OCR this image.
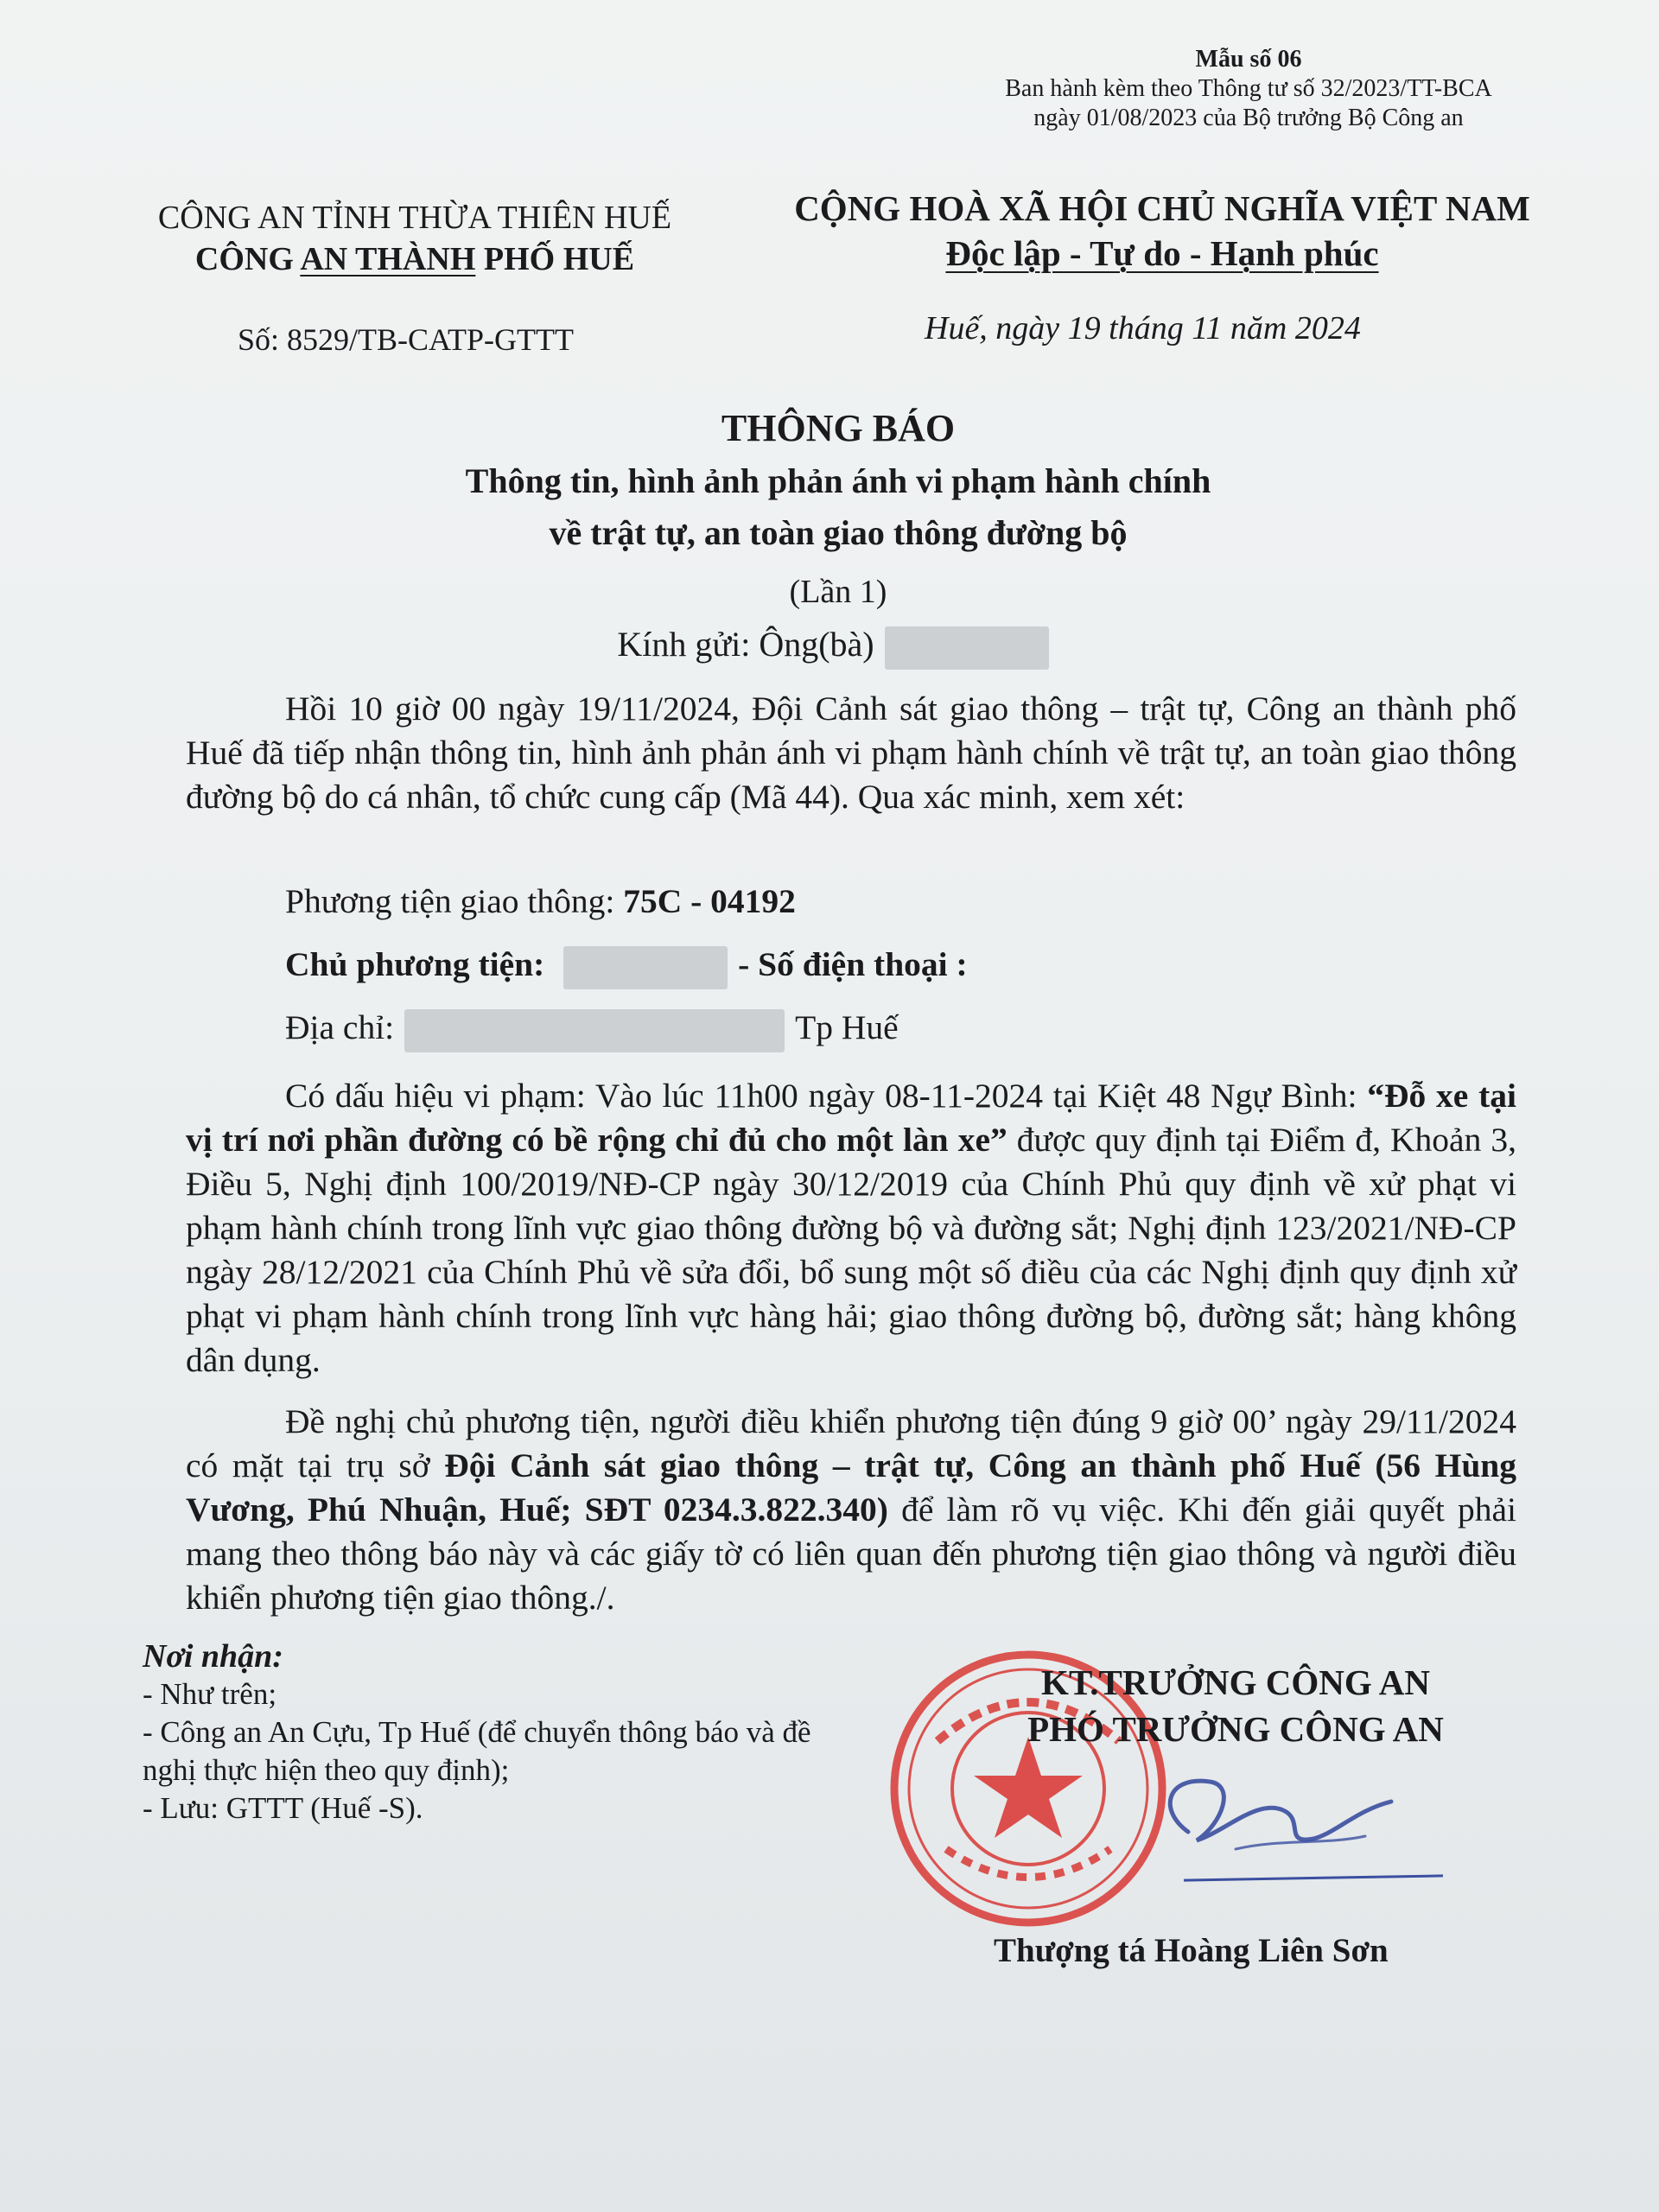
Mẫu số 06
Ban hành kèm theo Thông tư số 32/2023/TT-BCA
ngày 01/08/2023 của Bộ trưởng Bộ Công an
CÔNG AN TỈNH THỪA THIÊN HUẾ
CÔNG AN THÀNH PHỐ HUẾ
CỘNG HOÀ XÃ HỘI CHỦ NGHĨA VIỆT NAM
Độc lập - Tự do - Hạnh phúc
Số: 8529/TB-CATP-GTTT	Huế, ngày 19 tháng 11 năm 2024
THÔNG BÁO
Thông tin, hình ảnh phản ánh vi phạm hành chính
về trật tự, an toàn giao thông đường bộ
(Lần 1)
Kính gửi: Ông(bà)
Hồi 10 giờ 00 ngày 19/11/2024, Đội Cảnh sát giao thông – trật tự, Công an thành phố Huế đã tiếp nhận thông tin, hình ảnh phản ánh vi phạm hành chính về trật tự, an toàn giao thông đường bộ do cá nhân, tổ chức cung cấp (Mã 44). Qua xác minh, xem xét:
Phương tiện giao thông: 75C - 04192
Chủ phương tiện:	- Số điện thoại :
Địa chỉ:	Tp Huế
Có dấu hiệu vi phạm: Vào lúc 11h00 ngày 08-11-2024 tại Kiệt 48 Ngự Bình: “Đỗ xe tại vị trí nơi phần đường có bề rộng chỉ đủ cho một làn xe” được quy định tại Điểm đ, Khoản 3, Điều 5, Nghị định 100/2019/NĐ-CP ngày 30/12/2019 của Chính Phủ quy định về xử phạt vi phạm hành chính trong lĩnh vực giao thông đường bộ và đường sắt; Nghị định 123/2021/NĐ-CP ngày 28/12/2021 của Chính Phủ về sửa đổi, bổ sung một số điều của các Nghị định quy định xử phạt vi phạm hành chính trong lĩnh vực hàng hải; giao thông đường bộ, đường sắt; hàng không dân dụng.
Đề nghị chủ phương tiện, người điều khiển phương tiện đúng 9 giờ 00’ ngày 29/11/2024 có mặt tại trụ sở Đội Cảnh sát giao thông – trật tự, Công an thành phố Huế (56 Hùng Vương, Phú Nhuận, Huế; SĐT 0234.3.822.340) để làm rõ vụ việc. Khi đến giải quyết phải mang theo thông báo này và các giấy tờ có liên quan đến phương tiện giao thông và người điều khiển phương tiện giao thông./.
Nơi nhận:
- Như trên;
- Công an An Cựu, Tp Huế (để chuyển thông báo và đề nghị thực hiện theo quy định);
- Lưu: GTTT (Huế -S).
KT.TRƯỞNG CÔNG AN
PHÓ TRƯỞNG CÔNG AN
Thượng tá Hoàng Liên Sơn
